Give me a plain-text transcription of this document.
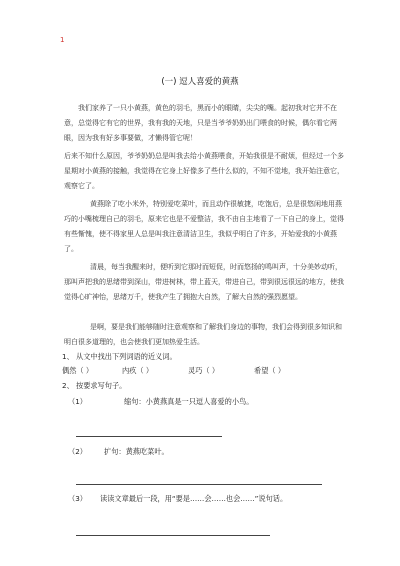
1
(一) 逗人喜爱的黄燕

我们家养了一只小黄燕，黄色的羽毛，黑而小的眼睛，尖尖的嘴。起初我对它并不在意，总觉得它有它的世界，我有我的天地，只是当爷爷奶奶出门喂食的时候，偶尔看它两眼，因为我有好多事要做，才懒得管它呢！

后来不知什么原因，爷爷奶奶总是叫我去给小黄燕喂食，开始我很是不耐烦，但经过一个多星期对小黄燕的接触，我觉得在它身上好像多了些什么似的，不知不觉地，我开始注意它，观察它了。

黄燕除了吃小米外，特别爱吃菜叶，而且动作很敏捷，吃饱后，总是很悠闲地用燕巧的小嘴梳理自己的羽毛，原来它也是不爱整洁，我不由自主地看了一下自己的身上，觉得有些惭愧，使不得家里人总是叫我注意清洁卫生，我似乎明白了许多，开始爱我的小黄燕了。

清晨，每当我醒来时，便听到它那时而短促，时而悠扬的鸣叫声，十分美妙动听，那叫声把我的思绪带到深山，带进树林，带上蓝天，带进自己，带到很远很远的地方，使我觉得心旷神怡，思绪万千，使我产生了拥抱大自然，了解大自然的强烈愿望。

是啊，要是我们能够随时注意观察和了解我们身边的事物，我们会得到很多知识和明白很多道理的，也会使我们更加热爱生活。

1、 从文中找出下列词语的近义词。
偶然（ ）	内疚（ ）	灵巧（ ）	希望（ ）
2、 按要求写句子。
（1）	缩句：小黄燕真是一只逗人喜爱的小鸟。
（2） 扩句：黄燕吃菜叶。
（3） 读读文章最后一段，用“要是……会……也会……”说句话。
